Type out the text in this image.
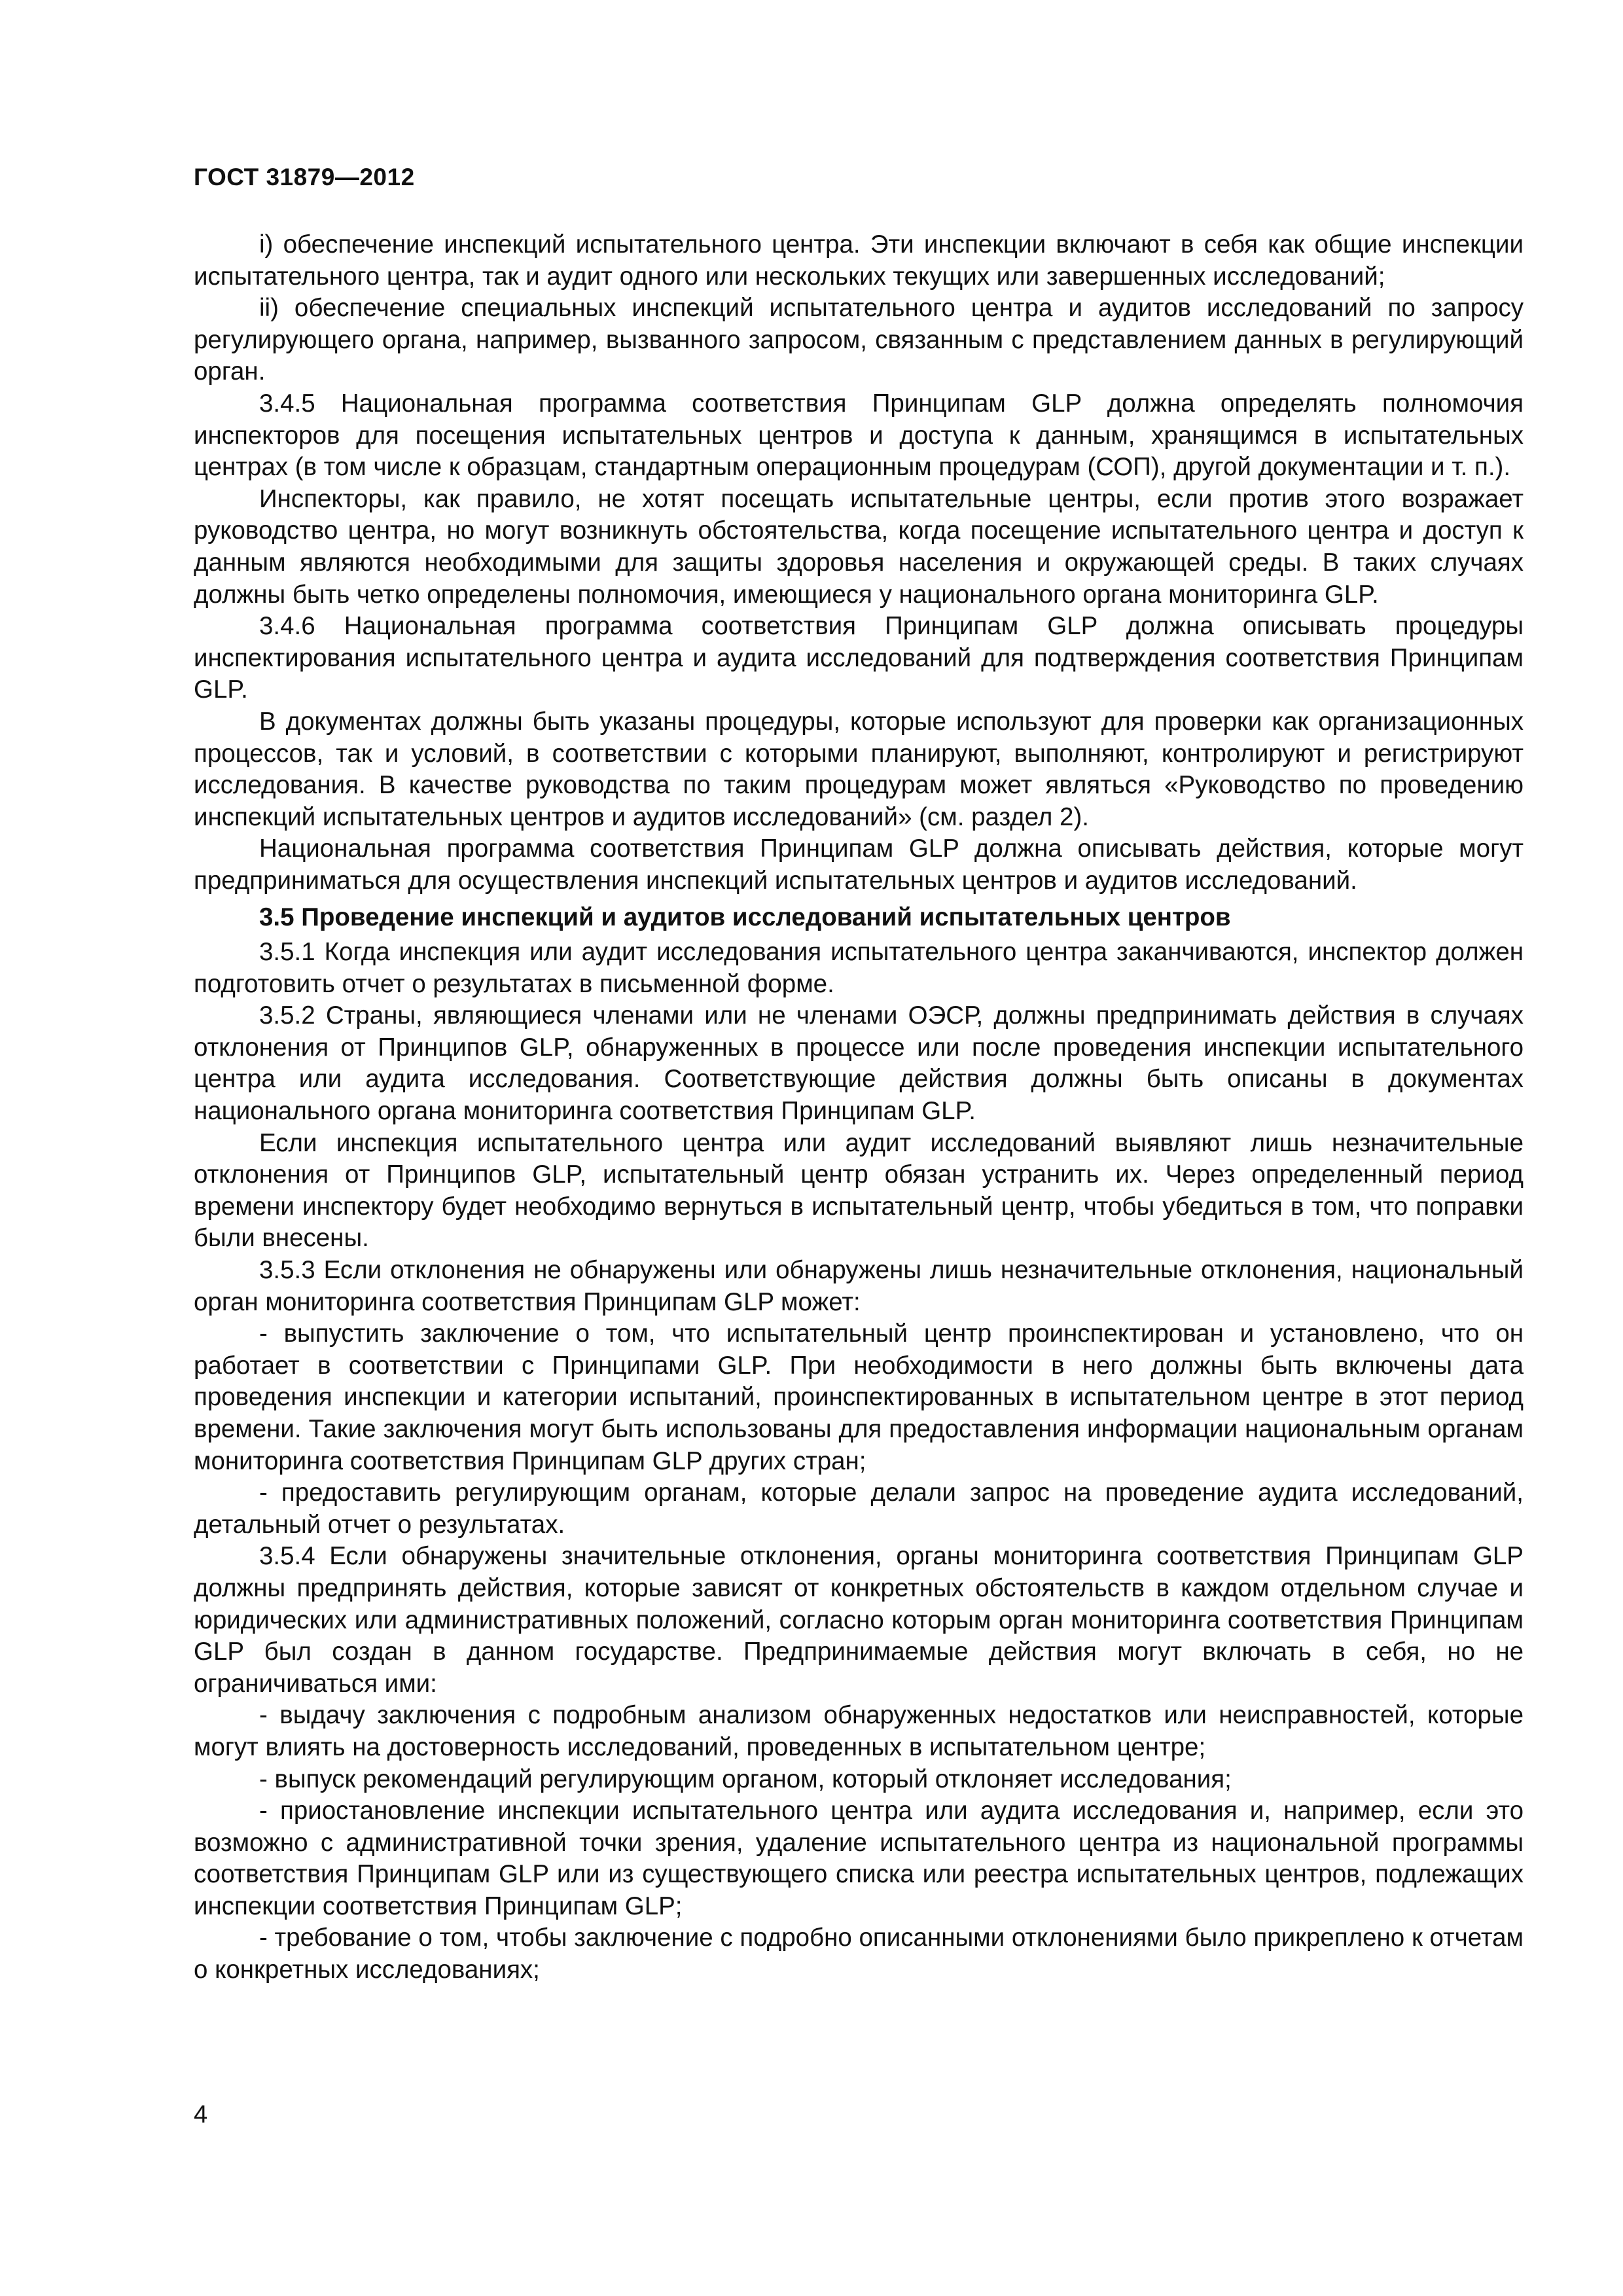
ГОСТ 31879—2012

i) обеспечение инспекций испытательного центра. Эти инспекции включают в себя как общие инспекции испытательного центра, так и аудит одного или нескольких текущих или завершенных исследований;

ii) обеспечение специальных инспекций испытательного центра и аудитов исследований по запросу регулирующего органа, например, вызванного запросом, связанным с представлением данных в регулирующий орган.

3.4.5 Национальная программа соответствия Принципам GLP должна определять полномочия инспекторов для посещения испытательных центров и доступа к данным, хранящимся в испытательных центрах (в том числе к образцам, стандартным операционным процедурам (СОП), другой документации и т. п.).

Инспекторы, как правило, не хотят посещать испытательные центры, если против этого возражает руководство центра, но могут возникнуть обстоятельства, когда посещение испытательного центра и доступ к данным являются необходимыми для защиты здоровья населения и окружающей среды. В таких случаях должны быть четко определены полномочия, имеющиеся у национального органа мониторинга GLP.

3.4.6 Национальная программа соответствия Принципам GLP должна описывать процедуры инспектирования испытательного центра и аудита исследований для подтверждения соответствия Принципам GLP.

В документах должны быть указаны процедуры, которые используют для проверки как организационных процессов, так и условий, в соответствии с которыми планируют, выполняют, контролируют и регистрируют исследования. В качестве руководства по таким процедурам может являться «Руководство по проведению инспекций испытательных центров и аудитов исследований» (см. раздел 2).

Национальная программа соответствия Принципам GLP должна описывать действия, которые могут предприниматься для осуществления инспекций испытательных центров и аудитов исследований.

3.5 Проведение инспекций и аудитов исследований испытательных центров

3.5.1 Когда инспекция или аудит исследования испытательного центра заканчиваются, инспектор должен подготовить отчет о результатах в письменной форме.

3.5.2 Страны, являющиеся членами или не членами ОЭСР, должны предпринимать действия в случаях отклонения от Принципов GLP, обнаруженных в процессе или после проведения инспекции испытательного центра или аудита исследования. Соответствующие действия должны быть описаны в документах национального органа мониторинга соответствия Принципам GLP.

Если инспекция испытательного центра или аудит исследований выявляют лишь незначительные отклонения от Принципов GLP, испытательный центр обязан устранить их. Через определенный период времени инспектору будет необходимо вернуться в испытательный центр, чтобы убедиться в том, что поправки были внесены.

3.5.3 Если отклонения не обнаружены или обнаружены лишь незначительные отклонения, национальный орган мониторинга соответствия Принципам GLP может:

- выпустить заключение о том, что испытательный центр проинспектирован и установлено, что он работает в соответствии с Принципами GLP. При необходимости в него должны быть включены дата проведения инспекции и категории испытаний, проинспектированных в испытательном центре в этот период времени. Такие заключения могут быть использованы для предоставления информации национальным органам мониторинга соответствия Принципам GLP других стран;

- предоставить регулирующим органам, которые делали запрос на проведение аудита исследований, детальный отчет о результатах.

3.5.4 Если обнаружены значительные отклонения, органы мониторинга соответствия Принципам GLP должны предпринять действия, которые зависят от конкретных обстоятельств в каждом отдельном случае и юридических или административных положений, согласно которым орган мониторинга соответствия Принципам GLP был создан в данном государстве. Предпринимаемые действия могут включать в себя, но не ограничиваться ими:

- выдачу заключения с подробным анализом обнаруженных недостатков или неисправностей, которые могут влиять на достоверность исследований, проведенных в испытательном центре;

- выпуск рекомендаций регулирующим органом, который отклоняет исследования;

- приостановление инспекции испытательного центра или аудита исследования и, например, если это возможно с административной точки зрения, удаление испытательного центра из национальной программы соответствия Принципам GLP или из существующего списка или реестра испытательных центров, подлежащих инспекции соответствия Принципам GLP;

- требование о том, чтобы заключение с подробно описанными отклонениями было прикреплено к отчетам о конкретных исследованиях;

4
